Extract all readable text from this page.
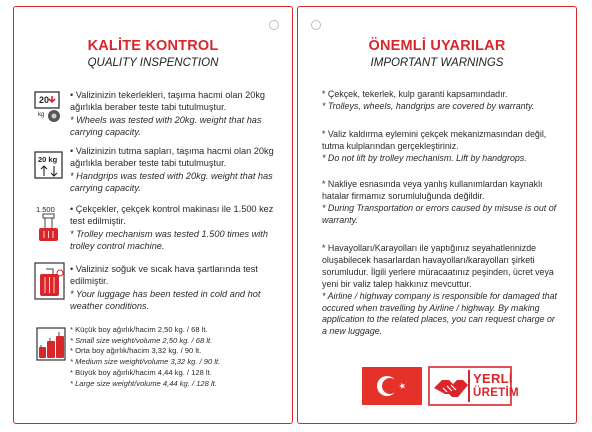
KALİTE KONTROL
QUALITY INSPENCTION
20
kg
• Valizinizin tekerlekleri, taşıma hacmi olan 20kg ağırlıkla beraber teste tabi tutulmuştur.
* Wheels was tested with 20kg. weight that has carrying capacity.
20 kg
• Valizinizin tutma sapları, taşıma hacmi olan 20kg ağırlıkla beraber teste tabi tutulmuştur.
* Handgrips was tested with 20kg. weight that has carrying capacity.
1.500 • Çekçekler, çekçek kontrol makinası ile 1.500 kez test edilmiştir.
* Trolley mechanism was tested 1.500 times with trolley control machine.
• Valiziniz soğuk ve sıcak hava şartlarında test edilmiştir.
* Your luggage has been tested in cold and hot weather conditions.
* Küçük boy ağırlık/hacim 2,50 kg. / 68 lt.
* Small size weight/volume 2,50 kg. / 68 lt.
* Orta boy ağırlık/hacim 3,32 kg. / 90 lt.
* Medium size weight/volume 3,32 kg. / 90 lt.
* Büyük boy ağırlık/hacim 4,44 kg. / 128 lt.
* Large size weight/volume 4,44 kg. / 128 lt.
ÖNEMLİ UYARILAR
IMPORTANT WARNINGS
* Çekçek, tekerlek, kulp garanti kapsamındadır.
* Trolleys, wheels, handgrips are covered by warranty.
* Valiz kaldırma eylemini çekçek mekanizmasından değil, tutma kulplarından gerçekleştiriniz.
* Do not lift by trolley mechanism. Lift by handgrops.
* Nakliye esnasında veya yanlış kullanımlardan kaynaklı hatalar firmamız sorumluluğunda değildir.
* During Transportation or errors caused by misuse is out of warranty.
* Havayolları/Karayolları ile yaptığınız seyahatlerinizde oluşabilecek hasarlardan havayolları/karayolları şirketi sorumludur. İlgili yerlere müracaatınız peşinden, ücret veya yeni bir valiz talep hakkınız mevcuttur.
* Airline / highway company is responsible for damaged that occured when travelling by Airline / highway. By making application to the related places, you can request charge or a new luggage.
YERLİ
ÜRETİM
